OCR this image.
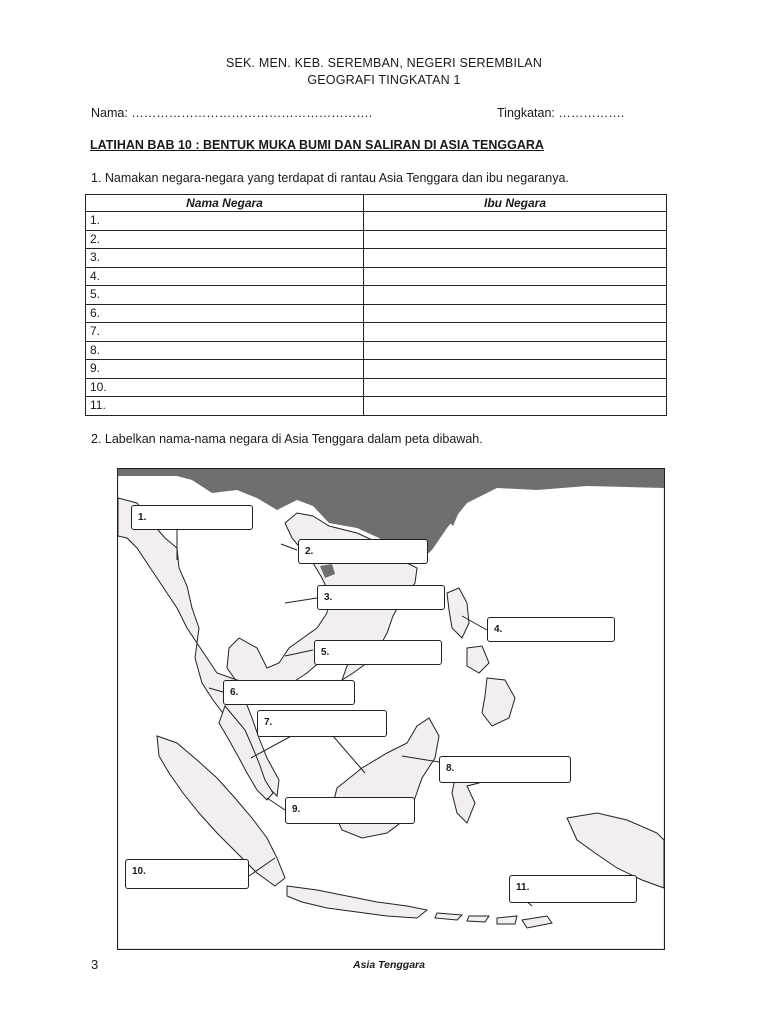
SEK. MEN. KEB. SEREMBAN, NEGERI SEREMBILAN
GEOGRAFI TINGKATAN 1
Nama: ………………………………………………….	Tingkatan: …………….
LATIHAN BAB 10 : BENTUK MUKA BUMI DAN SALIRAN DI ASIA TENGGARA
1. Namakan negara-negara yang terdapat di rantau Asia Tenggara dan ibu negaranya.
Nama Negara	Ibu Negara
1.	
2.	
3.	
4.	
5.	
6.	
7.	
8.	
9.	
10.	
11.	
2. Labelkan nama-nama negara di Asia Tenggara dalam peta dibawah.
1.
2.
3.
4.
5.
6.
7.
8.
9.
10.
11.
3	Asia Tenggara
